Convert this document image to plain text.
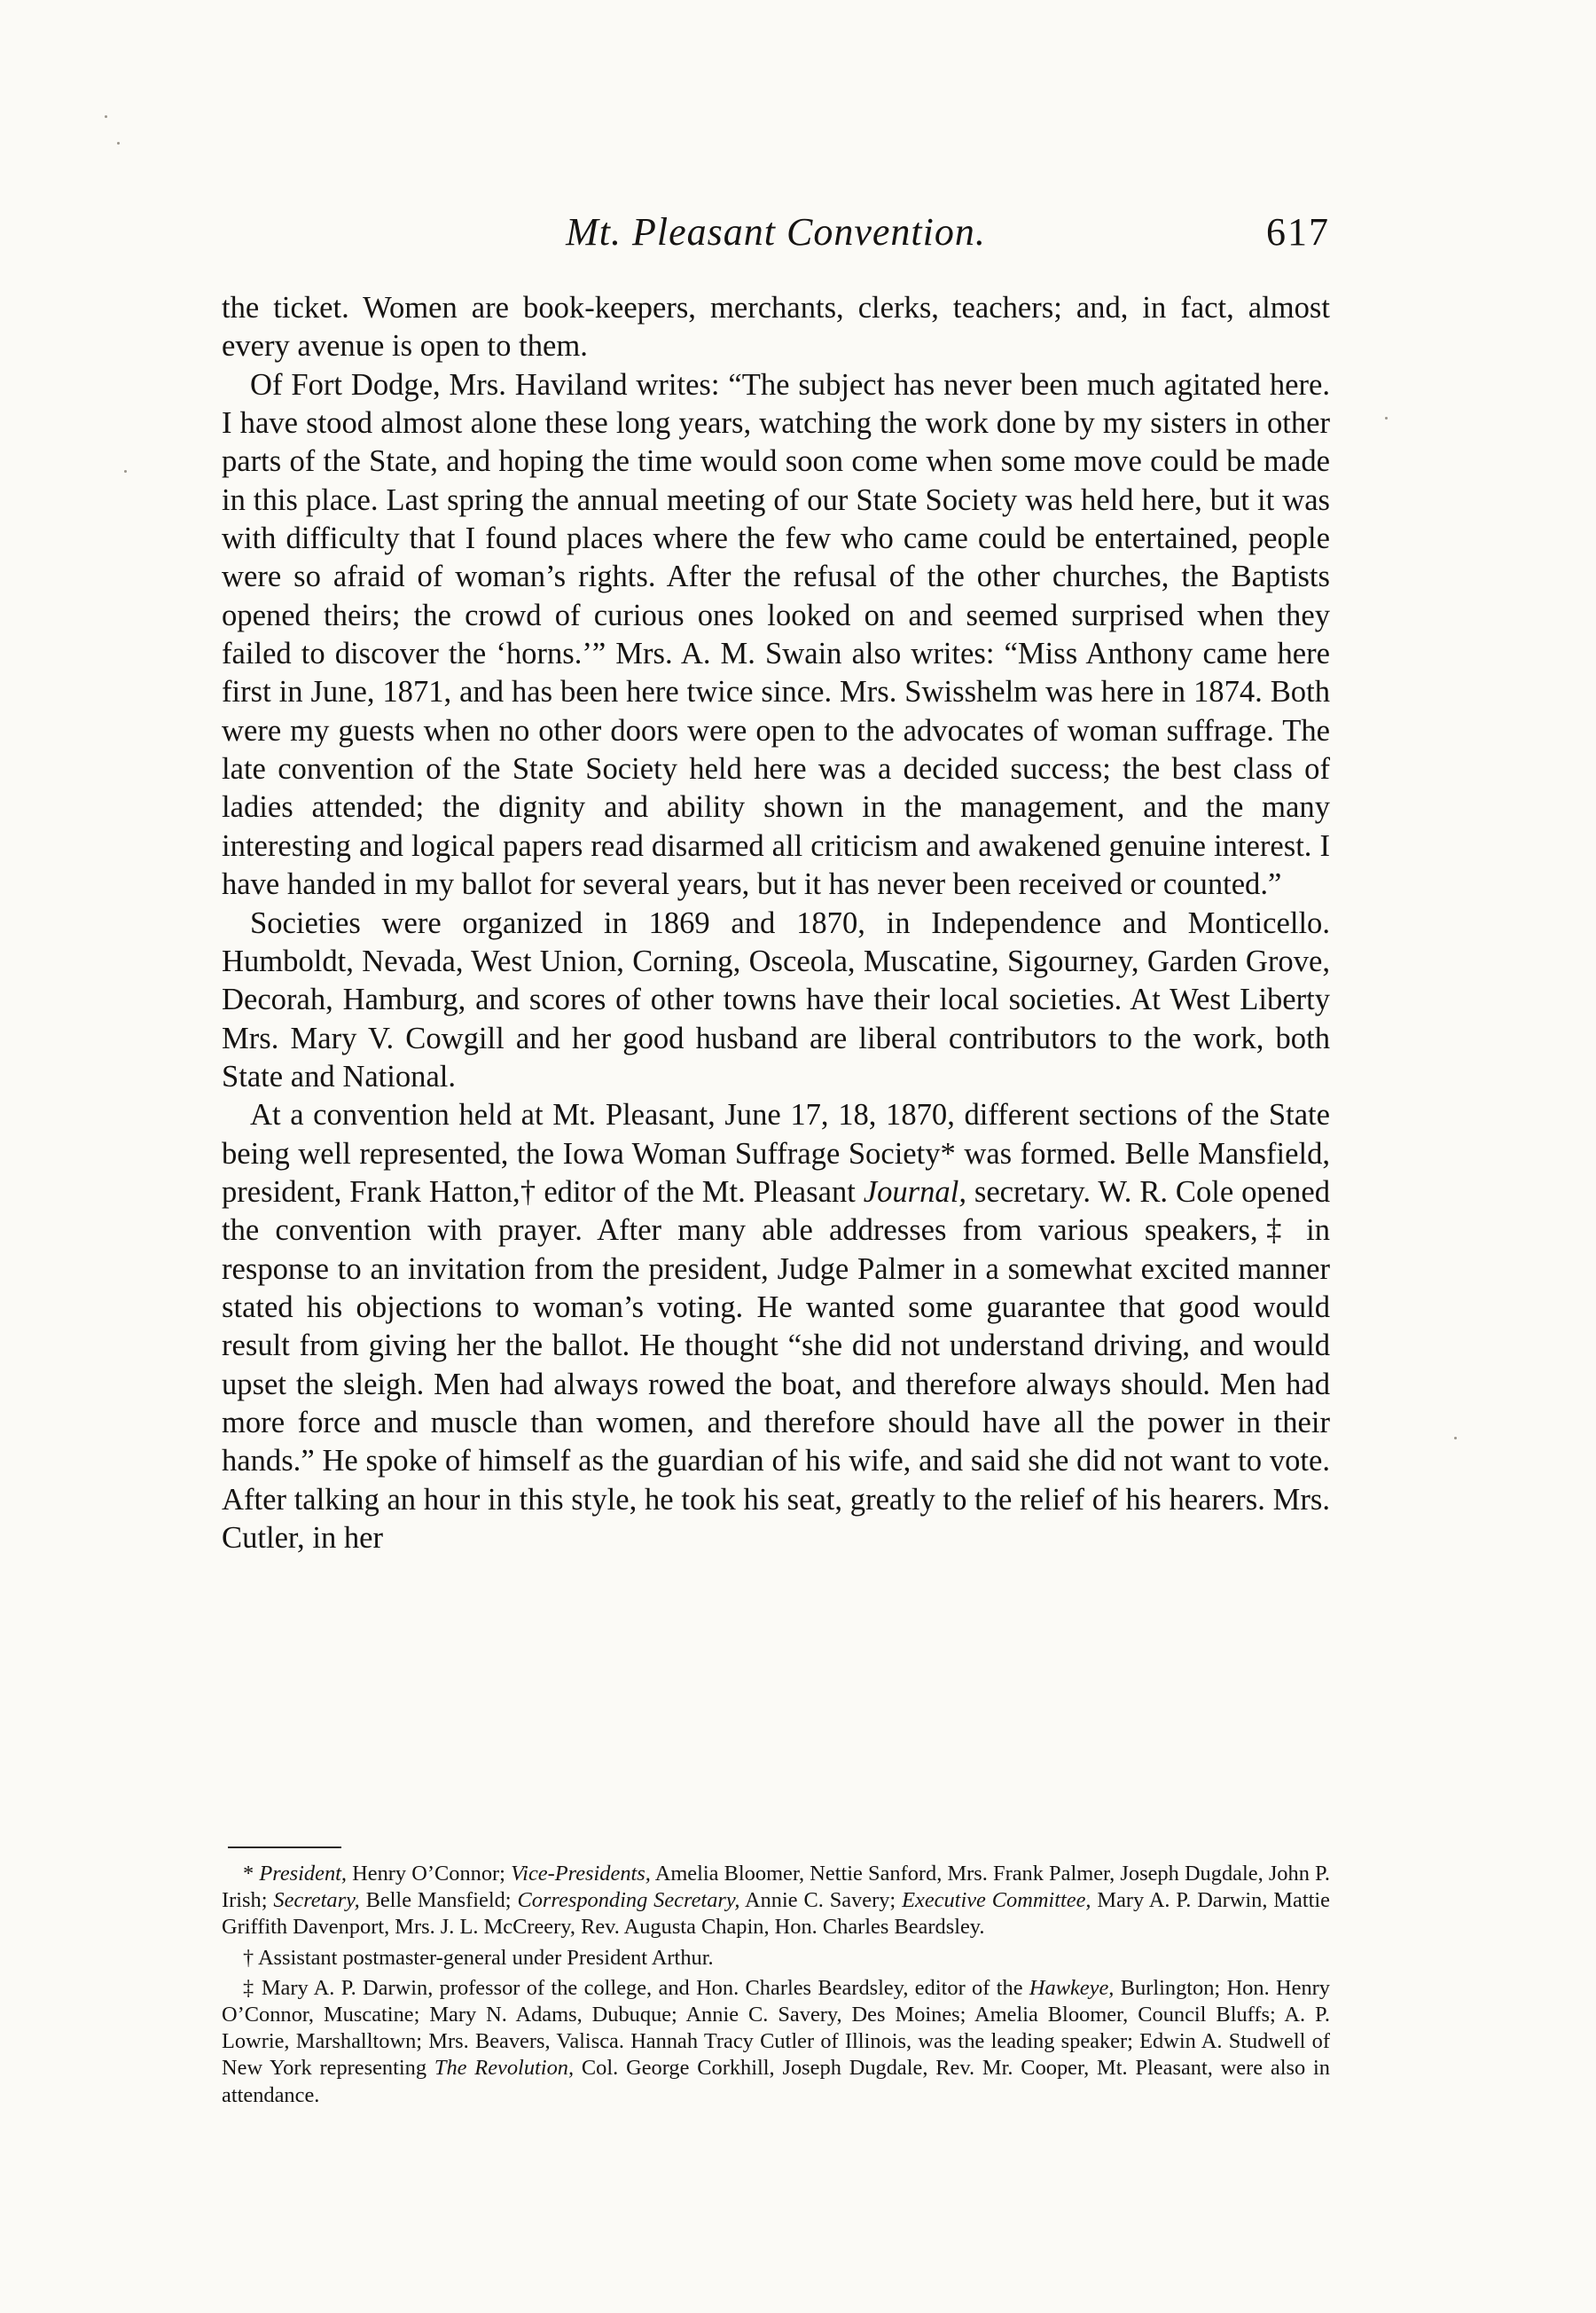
Mt. Pleasant Convention.	617

the ticket. Women are book-keepers, merchants, clerks, teachers; and, in fact, almost every avenue is open to them.

Of Fort Dodge, Mrs. Haviland writes: “The subject has never been much agitated here. I have stood almost alone these long years, watching the work done by my sisters in other parts of the State, and hoping the time would soon come when some move could be made in this place. Last spring the annual meeting of our State Society was held here, but it was with difficulty that I found places where the few who came could be entertained, people were so afraid of woman’s rights. After the refusal of the other churches, the Baptists opened theirs; the crowd of curious ones looked on and seemed surprised when they failed to discover the ‘horns.’” Mrs. A. M. Swain also writes: “Miss Anthony came here first in June, 1871, and has been here twice since. Mrs. Swisshelm was here in 1874. Both were my guests when no other doors were open to the advocates of woman suffrage. The late convention of the State Society held here was a decided success; the best class of ladies attended; the dignity and ability shown in the management, and the many interesting and logical papers read disarmed all criticism and awakened genuine interest. I have handed in my ballot for several years, but it has never been received or counted.”

Societies were organized in 1869 and 1870, in Independence and Monticello. Humboldt, Nevada, West Union, Corning, Osceola, Muscatine, Sigourney, Garden Grove, Decorah, Hamburg, and scores of other towns have their local societies. At West Liberty Mrs. Mary V. Cowgill and her good husband are liberal contributors to the work, both State and National.

At a convention held at Mt. Pleasant, June 17, 18, 1870, different sections of the State being well represented, the Iowa Woman Suffrage Society* was formed. Belle Mansfield, president, Frank Hatton,† editor of the Mt. Pleasant Journal, secretary. W. R. Cole opened the convention with prayer. After many able addresses from various speakers,‡ in response to an invitation from the president, Judge Palmer in a somewhat excited manner stated his objections to woman’s voting. He wanted some guarantee that good would result from giving her the ballot. He thought “she did not understand driving, and would upset the sleigh. Men had always rowed the boat, and therefore always should. Men had more force and muscle than women, and therefore should have all the power in their hands.” He spoke of himself as the guardian of his wife, and said she did not want to vote. After talking an hour in this style, he took his seat, greatly to the relief of his hearers. Mrs. Cutler, in her

* President, Henry O’Connor; Vice-Presidents, Amelia Bloomer, Nettie Sanford, Mrs. Frank Palmer, Joseph Dugdale, John P. Irish; Secretary, Belle Mansfield; Corresponding Secretary, Annie C. Savery; Executive Committee, Mary A. P. Darwin, Mattie Griffith Davenport, Mrs. J. L. McCreery, Rev. Augusta Chapin, Hon. Charles Beardsley.

† Assistant postmaster-general under President Arthur.

‡ Mary A. P. Darwin, professor of the college, and Hon. Charles Beardsley, editor of the Hawkeye, Burlington; Hon. Henry O’Connor, Muscatine; Mary N. Adams, Dubuque; Annie C. Savery, Des Moines; Amelia Bloomer, Council Bluffs; A. P. Lowrie, Marshalltown; Mrs. Beavers, Valisca. Hannah Tracy Cutler of Illinois, was the leading speaker; Edwin A. Studwell of New York representing The Revolution, Col. George Corkhill, Joseph Dugdale, Rev. Mr. Cooper, Mt. Pleasant, were also in attendance.
